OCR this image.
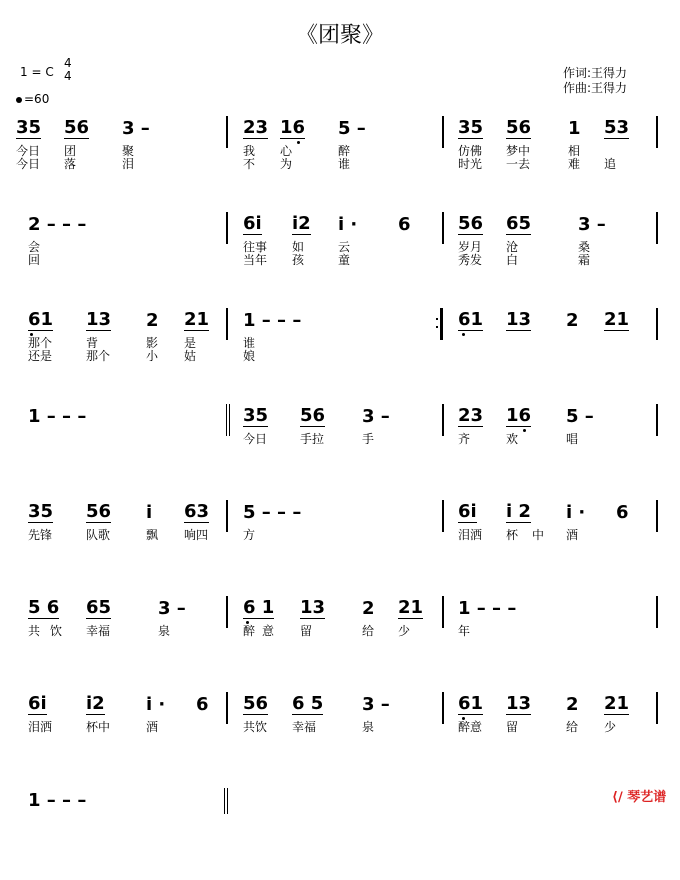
《团聚》
1 = C
4
4
=60
作词:王得力
作曲:王得力
35 56 3 –	23 16 5 –	35 56 1 53
今日 团	聚	我 心	醉	仿佛 梦中	相
今日 落	泪	不 为	谁	时光 一去	难 追
2 – – –	6i i2 i · 6	56 65	3 –
会	往事 如	云	岁月 沧	桑
回	当年 孩	童	秀发 白	霜
61 13 2 21 1 – – –	61 13 2 21
那个	背	影 是	谁
还是	那个	小 姑	娘
1 – – –	35 56 3 –	23 16 5 –
今日	手拉	手	齐	欢	唱
35 56 i 63 5 – – –	6i i 2 i · 6
先锋	队歌	飘 响四	方	泪洒 杯 中 酒
5 6 65	3 –	6 1 13 2 21 1 – – –
共 饮 幸福	泉	醉 意 留	给 少	年
6i i2 i · 6 56 6 5 3 –	61 13 2 21
泪洒	杯中	酒	共饮 幸福	泉	醉意 留	给 少
1 – – –	⟨∕ 琴艺谱
